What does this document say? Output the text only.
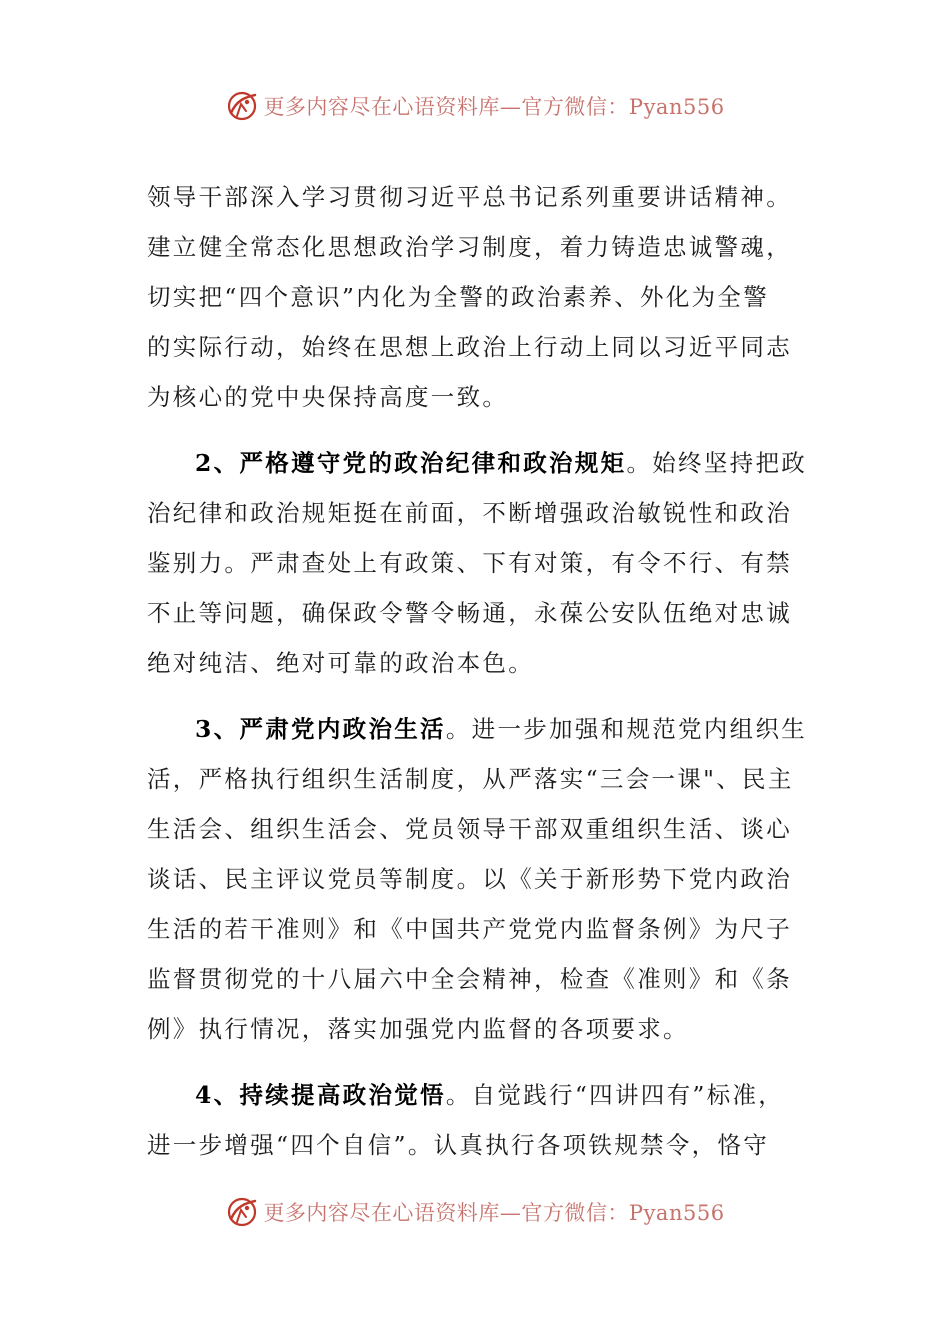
更多内容尽在心语资料库—官方微信：Pyan556
领导干部深入学习贯彻习近平总书记系列重要讲话精神。
建立健全常态化思想政治学习制度，着力铸造忠诚警魂，
切实把“四个意识”内化为全警的政治素养、外化为全警
的实际行动，始终在思想上政治上行动上同以习近平同志
为核心的党中央保持高度一致。
2、严格遵守党的政治纪律和政治规矩。始终坚持把政
治纪律和政治规矩挺在前面，不断增强政治敏锐性和政治
鉴别力。严肃查处上有政策、下有对策，有令不行、有禁
不止等问题，确保政令警令畅通，永葆公安队伍绝对忠诚
绝对纯洁、绝对可靠的政治本色。
3、严肃党内政治生活。进一步加强和规范党内组织生
活，严格执行组织生活制度，从严落实“三会一课"、民主
生活会、组织生活会、党员领导干部双重组织生活、谈心
谈话、民主评议党员等制度。以《关于新形势下党内政治
生活的若干准则》和《中国共产党党内监督条例》为尺子
监督贯彻党的十八届六中全会精神，检查《准则》和《条
例》执行情况，落实加强党内监督的各项要求。
4、持续提高政治觉悟。自觉践行“四讲四有”标准，
进一步增强“四个自信”。认真执行各项铁规禁令，恪守
更多内容尽在心语资料库—官方微信：Pyan556
